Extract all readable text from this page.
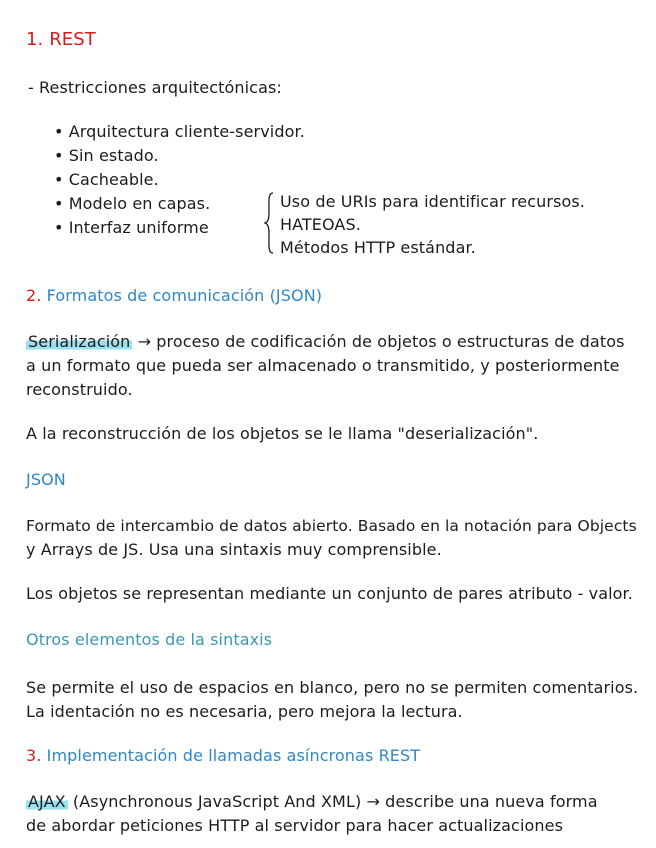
1. REST
- Restricciones arquitectónicas:
• Arquitectura cliente-servidor.
• Sin estado.
• Cacheable.
• Modelo en capas.
• Interfaz uniforme
Uso de URIs para identificar recursos.
HATEOAS.
Métodos HTTP estándar.
2. Formatos de comunicación (JSON)
Serialización → proceso de codificación de objetos o estructuras de datos
a un formato que pueda ser almacenado o transmitido, y posteriormente
reconstruido.
A la reconstrucción de los objetos se le llama "deserialización".
JSON
Formato de intercambio de datos abierto. Basado en la notación para Objects
y Arrays de JS. Usa una sintaxis muy comprensible.
Los objetos se representan mediante un conjunto de pares atributo - valor.
Otros elementos de la sintaxis
Se permite el uso de espacios en blanco, pero no se permiten comentarios.
La identación no es necesaria, pero mejora la lectura.
3. Implementación de llamadas asíncronas REST
AJAX (Asynchronous JavaScript And XML) → describe una nueva forma
de abordar peticiones HTTP al servidor para hacer actualizaciones
